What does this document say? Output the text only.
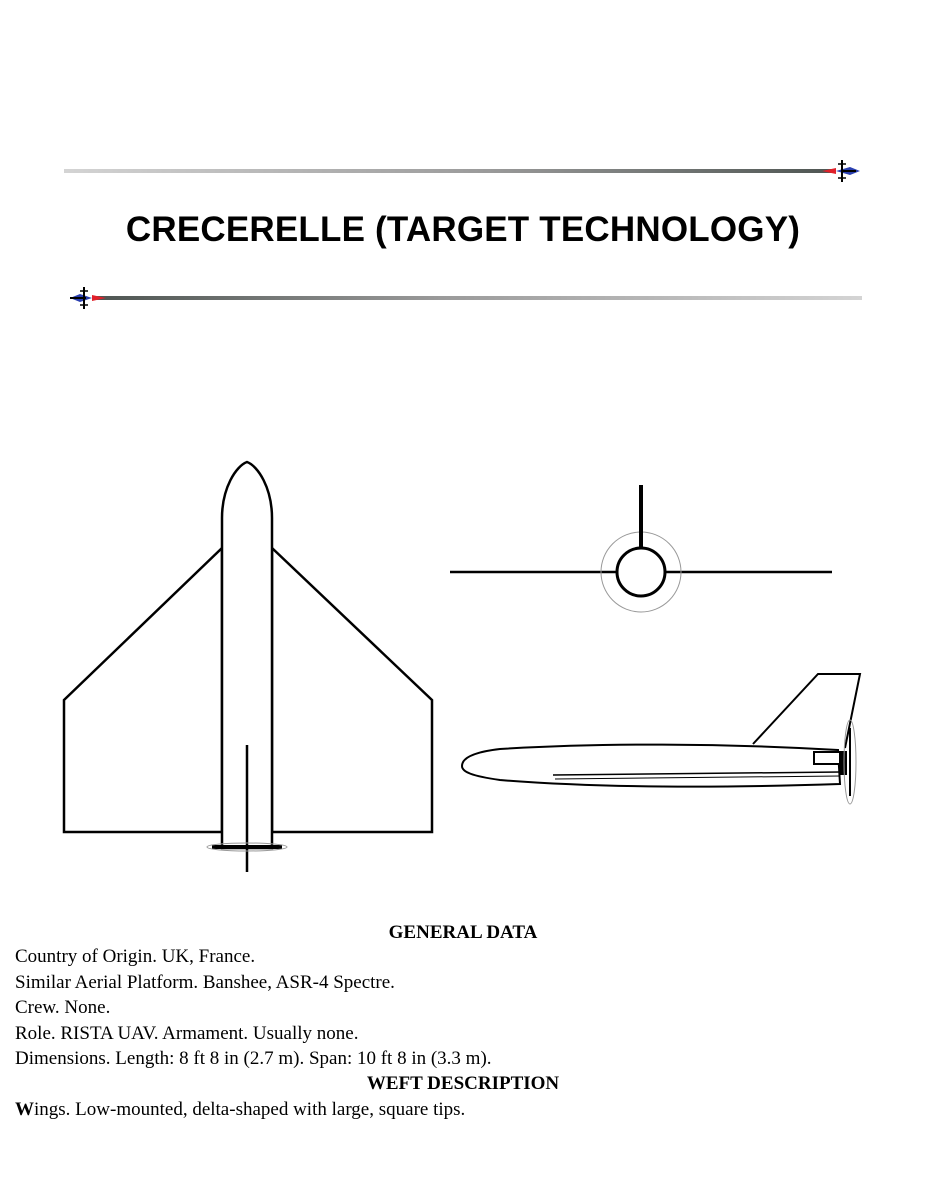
CRECERELLE (TARGET TECHNOLOGY)
GENERAL DATA
Country of Origin. UK, France.
Similar Aerial Platform. Banshee, ASR-4 Spectre.
Crew. None.
Role. RISTA UAV. Armament. Usually none.
Dimensions. Length: 8 ft 8 in (2.7 m). Span: 10 ft 8 in (3.3 m).
WEFT DESCRIPTION
Wings. Low-mounted, delta-shaped with large, square tips.
